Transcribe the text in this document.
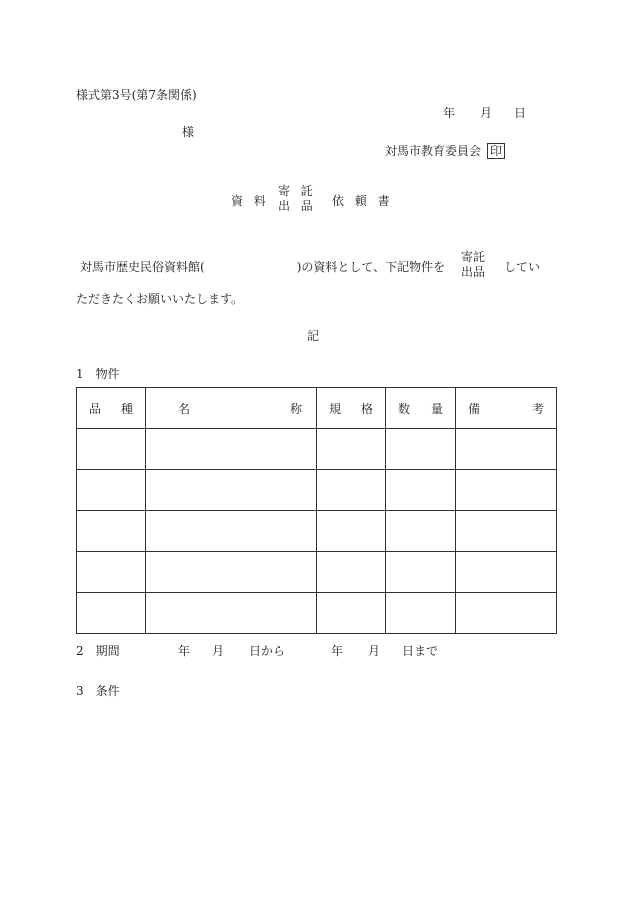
様式第3号(第7条関係)
年 月 日
様
対馬市教育委員会 印
資料
寄託
出品 依頼書
対馬市歴史民俗資料館(	)の資料として、下記物件を
寄託
出品 してい
ただきたくお願いいたします。
記
1　物件
品 種	名 称	規 格	数 量	備 考

2　期間	年 月 日から	年 月 日まで
3　条件
